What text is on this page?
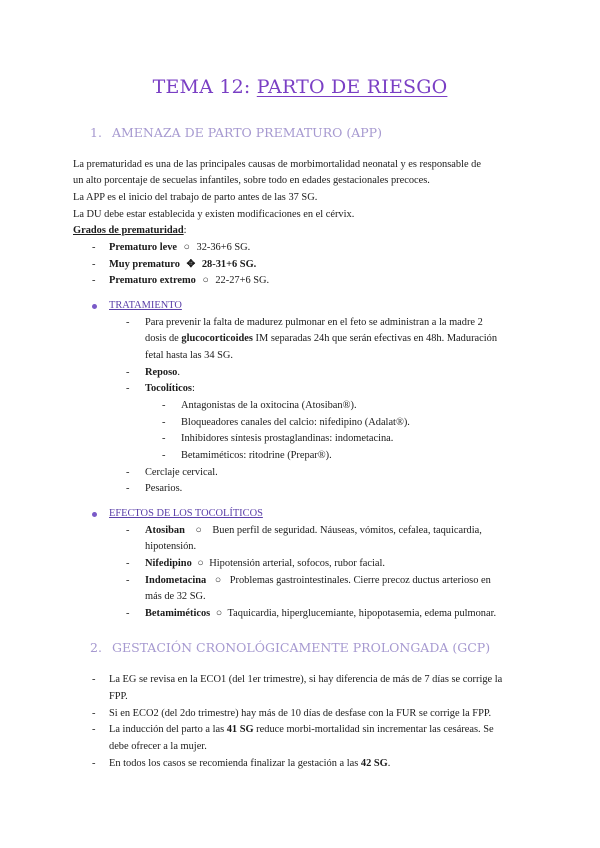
TEMA 12: PARTO DE RIESGO
1. AMENAZA DE PARTO PREMATURO (APP)
La prematuridad es una de las principales causas de morbimortalidad neonatal y es responsable de
un alto porcentaje de secuelas infantiles, sobre todo en edades gestacionales precoces.
La APP es el inicio del trabajo de parto antes de las 37 SG.
La DU debe estar establecida y existen modificaciones en el cérvix.
Grados de prematuridad:
- Prematuro leve ○ 32-36+6 SG.
- Muy prematuro ✥ 28-31+6 SG.
- Prematuro extremo ○ 22-27+6 SG.
TRATAMIENTO
- Para prevenir la falta de madurez pulmonar en el feto se administran a la madre 2
dosis de glucocorticoides IM separadas 24h que serán efectivas en 48h. Maduración
fetal hasta las 34 SG.
- Reposo.
- Tocolíticos:
- Antagonistas de la oxitocina (Atosiban®).
- Bloqueadores canales del calcio: nifedipino (Adalat®).
- Inhibidores síntesis prostaglandinas: indometacina.
- Betamiméticos: ritodrine (Prepar®).
- Cerclaje cervical.
- Pesarios.
EFECTOS DE LOS TOCOLÍTICOS
- Atosiban ○ Buen perfil de seguridad. Náuseas, vómitos, cefalea, taquicardia,
hipotensión.
- Nifedipino ○ Hipotensión arterial, sofocos, rubor facial.
- Indometacina ○ Problemas gastrointestinales. Cierre precoz ductus arterioso en
más de 32 SG.
- Betamiméticos ○ Taquicardia, hiperglucemiante, hipopotasemia, edema pulmonar.
2. GESTACIÓN CRONOLÓGICAMENTE PROLONGADA (GCP)
- La EG se revisa en la ECO1 (del 1er trimestre), si hay diferencia de más de 7 días se corrige la
FPP.
- Si en ECO2 (del 2do trimestre) hay más de 10 días de desfase con la FUR se corrige la FPP.
- La inducción del parto a las 41 SG reduce morbi-mortalidad sin incrementar las cesáreas. Se
debe ofrecer a la mujer.
- En todos los casos se recomienda finalizar la gestación a las 42 SG.
